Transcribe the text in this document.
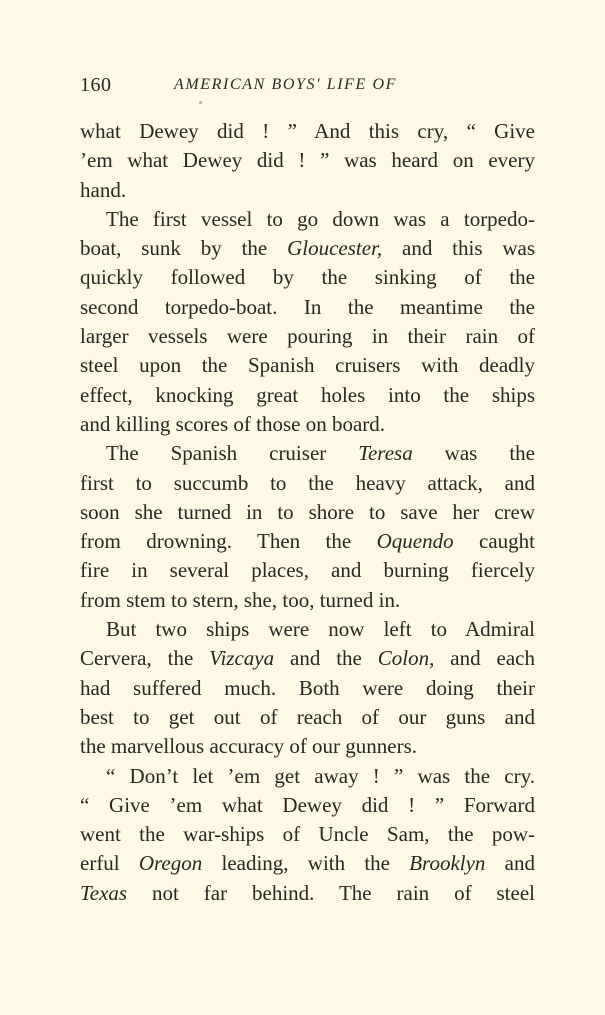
160	AMERICAN BOYS' LIFE OF
what Dewey did ! ” And this cry, “ Give
’em what Dewey did ! ” was heard on every
hand.
The first vessel to go down was a torpedo-
boat, sunk by the Gloucester, and this was
quickly followed by the sinking of the
second torpedo-boat. In the meantime the
larger vessels were pouring in their rain of
steel upon the Spanish cruisers with deadly
effect, knocking great holes into the ships
and killing scores of those on board.
The Spanish cruiser Teresa was the
first to succumb to the heavy attack, and
soon she turned in to shore to save her crew
from drowning. Then the Oquendo caught
fire in several places, and burning fiercely
from stem to stern, she, too, turned in.
But two ships were now left to Admiral
Cervera, the Vizcaya and the Colon, and each
had suffered much. Both were doing their
best to get out of reach of our guns and
the marvellous accuracy of our gunners.
“ Don’t let ’em get away ! ” was the cry.
“ Give ’em what Dewey did ! ” Forward
went the war-ships of Uncle Sam, the pow-
erful Oregon leading, with the Brooklyn and
Texas not far behind. The rain of steel
